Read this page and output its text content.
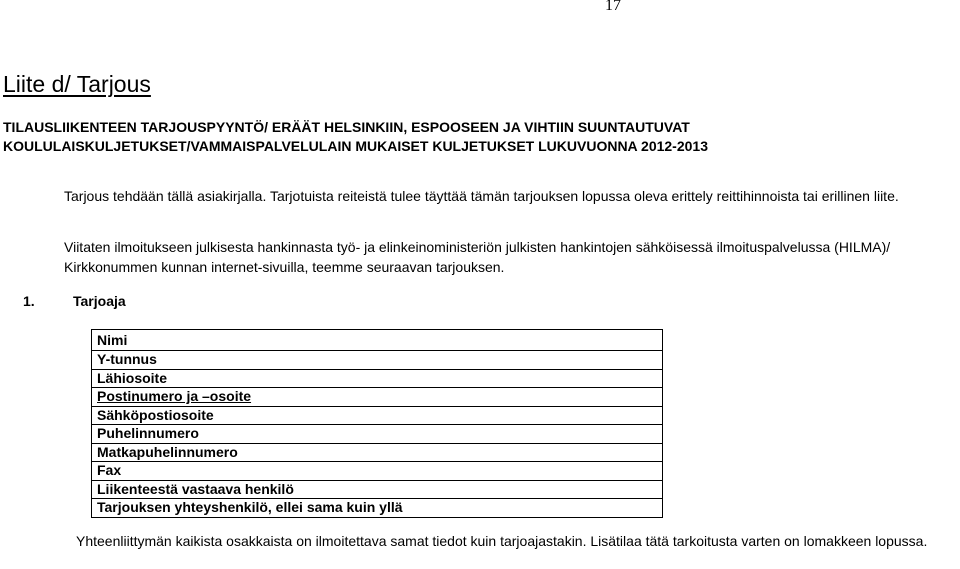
17
Liite d/ Tarjous
TILAUSLIIKENTEEN TARJOUSPYYNTÖ/ ERÄÄT HELSINKIIN, ESPOOSEEN JA VIHTIIN SUUNTAUTUVAT
KOULULAISKULJETUKSET/VAMMAISPALVELULAIN MUKAISET KULJETUKSET LUKUVUONNA 2012-2013

Tarjous tehdään tällä asiakirjalla. Tarjotuista reiteistä tulee täyttää tämän tarjouksen lopussa oleva erittely reittihinnoista tai erillinen liite.

Viitaten ilmoitukseen julkisesta hankinnasta työ- ja elinkeinoministeriön julkisten hankintojen sähköisessä ilmoituspalvelussa (HILMA)/ Kirkkonummen kunnan internet-sivuilla, teemme seuraavan tarjouksen.

1.	Tarjoaja
Nimi
Y-tunnus
Lähiosoite
Postinumero ja –osoite
Sähköpostiosoite
Puhelinnumero
Matkapuhelinnumero
Fax
Liikenteestä vastaava henkilö
Tarjouksen yhteyshenkilö, ellei sama kuin yllä

Yhteenliittymän kaikista osakkaista on ilmoitettava samat tiedot kuin tarjoajastakin. Lisätilaa tätä tarkoitusta varten on lomakkeen lopussa.
